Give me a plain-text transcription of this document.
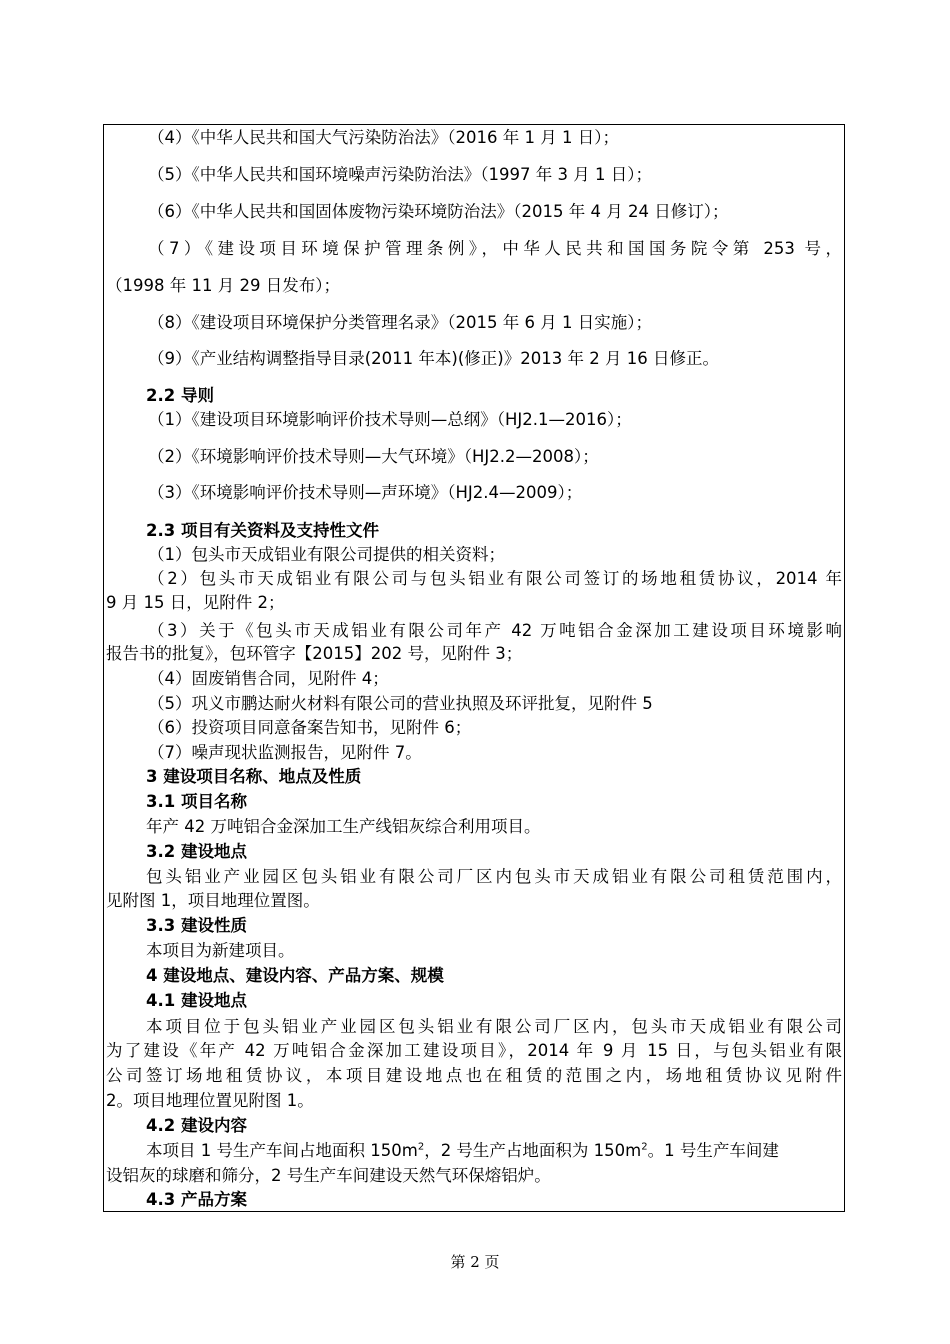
（4）《中华人民共和国大气污染防治法》（2016 年 1 月 1 日）；
（5）《中华人民共和国环境噪声污染防治法》（1997 年 3 月 1 日）；
（6）《中华人民共和国固体废物污染环境防治法》（2015 年 4 月 24 日修订）；
（7）《建设项目环境保护管理条例》，中华人民共和国国务院令第 253 号，
（1998 年 11 月 29 日发布）；
（8）《建设项目环境保护分类管理名录》（2015 年 6 月 1 日实施）；
（9）《产业结构调整指导目录(2011 年本)(修正)》2013 年 2 月 16 日修正。
2.2 导则
（1）《建设项目环境影响评价技术导则—总纲》（HJ2.1—2016）；
（2）《环境影响评价技术导则—大气环境》（HJ2.2—2008）；
（3）《环境影响评价技术导则—声环境》（HJ2.4—2009）；
2.3 项目有关资料及支持性文件
（1）包头市天成铝业有限公司提供的相关资料；
（2）包头市天成铝业有限公司与包头铝业有限公司签订的场地租赁协议，2014 年
9 月 15 日，见附件 2；
（3）关于《包头市天成铝业有限公司年产 42 万吨铝合金深加工建设项目环境影响
报告书的批复》，包环管字【2015】202 号，见附件 3；
（4）固废销售合同，见附件 4；
（5）巩义市鹏达耐火材料有限公司的营业执照及环评批复，见附件 5
（6）投资项目同意备案告知书，见附件 6；
（7）噪声现状监测报告，见附件 7。
3 建设项目名称、地点及性质
3.1 项目名称
年产 42 万吨铝合金深加工生产线铝灰综合利用项目。
3.2 建设地点
包头铝业产业园区包头铝业有限公司厂区内包头市天成铝业有限公司租赁范围内，
见附图 1，项目地理位置图。
3.3 建设性质
本项目为新建项目。
4 建设地点、建设内容、产品方案、规模
4.1 建设地点
本项目位于包头铝业产业园区包头铝业有限公司厂区内，包头市天成铝业有限公司
为了建设《年产 42 万吨铝合金深加工建设项目》，2014 年 9 月 15 日，与包头铝业有限
公司签订场地租赁协议，本项目建设地点也在租赁的范围之内，场地租赁协议见附件
2。项目地理位置见附图 1。
4.2 建设内容
本项目 1 号生产车间占地面积 $150m^2$，2 号生产占地面积为 $150m^2$。1 号生产车间建
设铝灰的球磨和筛分，2 号生产车间建设天然气环保熔铝炉。
4.3 产品方案
第 2 页
